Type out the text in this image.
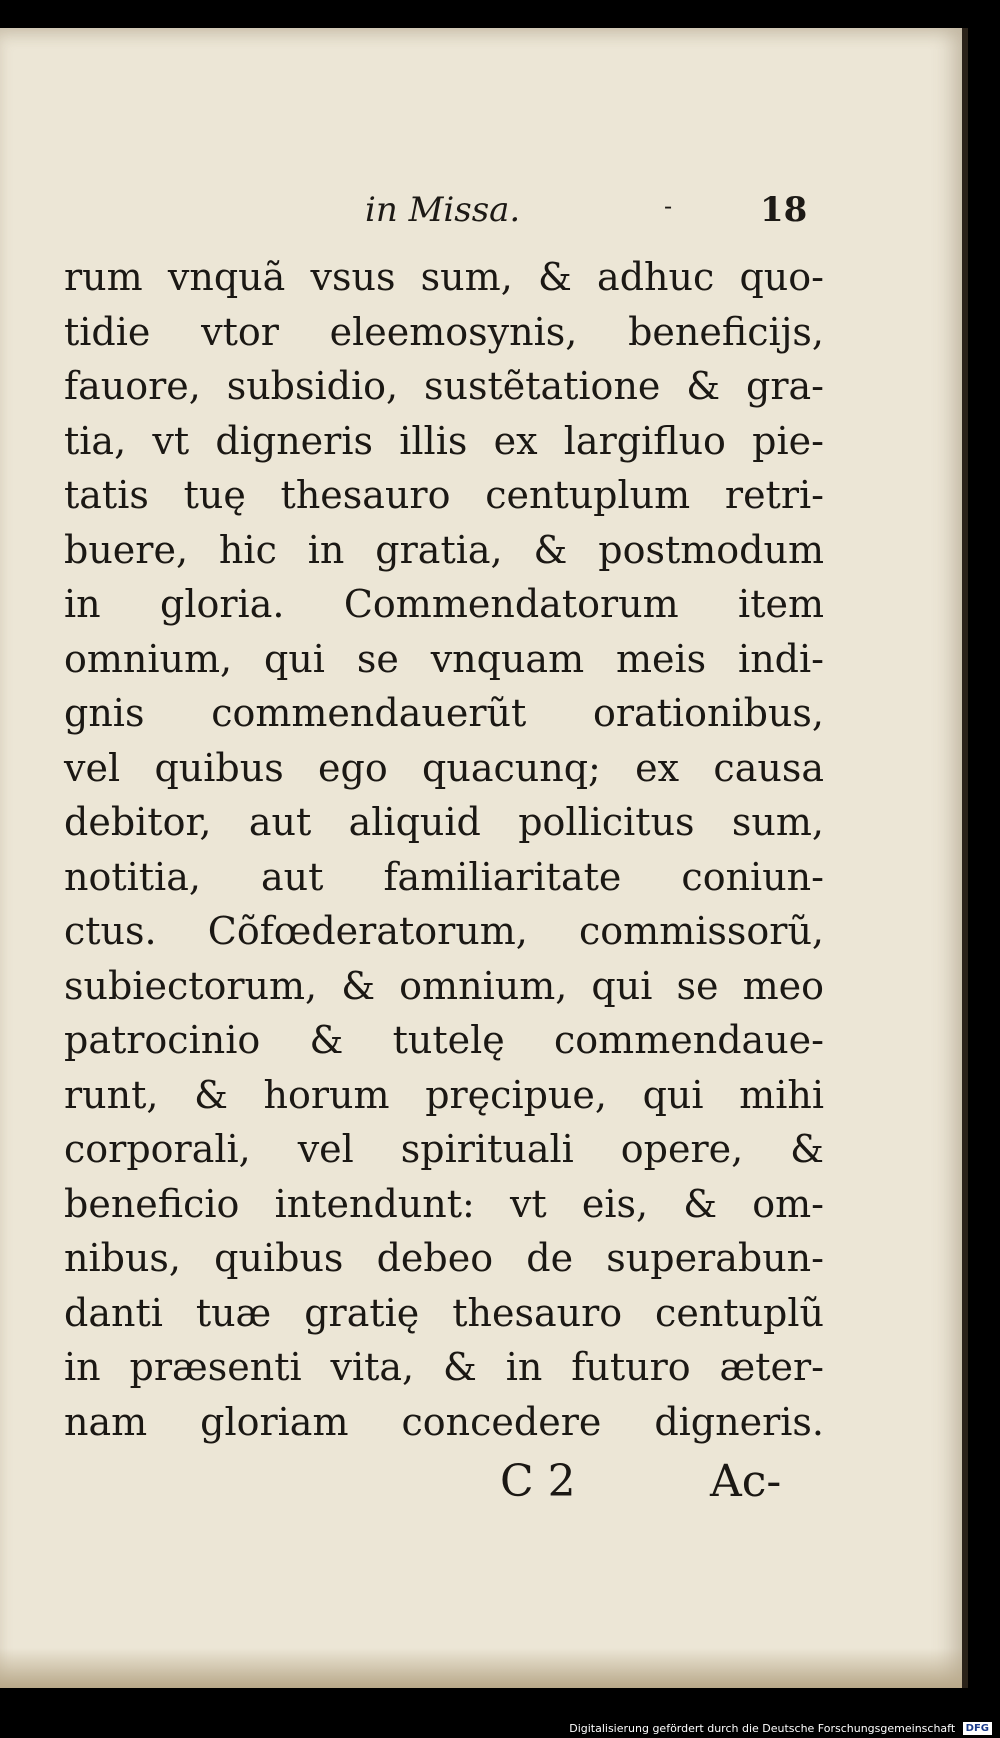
in Missa.	-	18
rum vnquã vsus sum, & adhuc quo-
tidie vtor eleemosynis, beneficijs,
fauore, subsidio, sustẽtatione & gra-
tia, vt digneris illis ex largifluo pie-
tatis tuę thesauro centuplum retri-
buere, hic in gratia, & postmodum
in gloria. Commendatorum item
omnium, qui se vnquam meis indi-
gnis commendauerũt orationibus,
vel quibus ego quacunq; ex causa
debitor, aut aliquid pollicitus sum,
notitia, aut familiaritate coniun-
ctus. Cõfœderatorum, commissorũ,
subiectorum, & omnium, qui se meo
patrocinio & tutelę commendaue-
runt, & horum pręcipue, qui mihi
corporali, vel spirituali opere, &
beneficio intendunt: vt eis, & om-
nibus, quibus debeo de superabun-
danti tuæ gratię thesauro centuplũ
in præsenti vita, & in futuro æter-
nam gloriam concedere digneris.
C 2	Ac-
Digitalisierung gefördert durch die Deutsche Forschungsgemeinschaft DFG
